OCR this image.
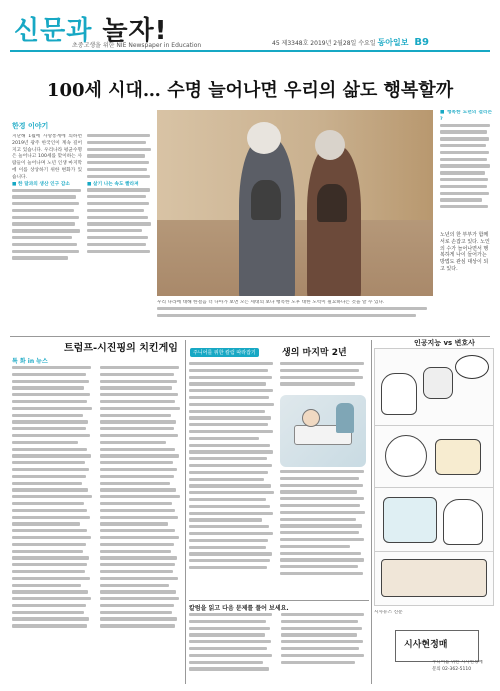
신문과 놀자!
초중고생을 위한 NIE Newspaper in Education	45 제3348호 2019년 2월28일 수요일 동아일보 B9
100세 시대… 수명 늘어나면 우리의 삶도 행복할까
한경 이야기
지난해 1월에 사망통계에 의하면 2019년 광주 한국인이 계속 길어지고 있습니다. 우리나라 평균수명은 늘어나고 100세를 맞이하는 사람들이 늘어나며 노년 인생 마지막에 이를 상상하기 위한 변화가 있습니다.
■ 한 달과의 생산 인구 감소	■ 살기 나는 속도 빨라져
노년의 한 부부가 함께 서로 손잡고 있다. 노인의 수가 늘어나면서 행복하게 나이 들어가는 방법도 관심 대상이 되고 있다.
우리 나라에 대해 한걸음 더 나아가 보면 모든 세대의 보다 행복한 노후 대한 노력이 필요하다는 것을 알 수 있다.
■ 행복한 노년의 걸리는 ?
트럼프-시진핑의 치킨게임
특 화 in 뉴스
주니어를 위한 칼럼 따라잡기	생의 마지막 2년
칼럼을 읽고 다음 문제를 풀어 보세요.
인공지능 vs 변호사
시사현정매
시사뉴스 신문
주니어를 위한 시사현정매
문의 02-362-5110
